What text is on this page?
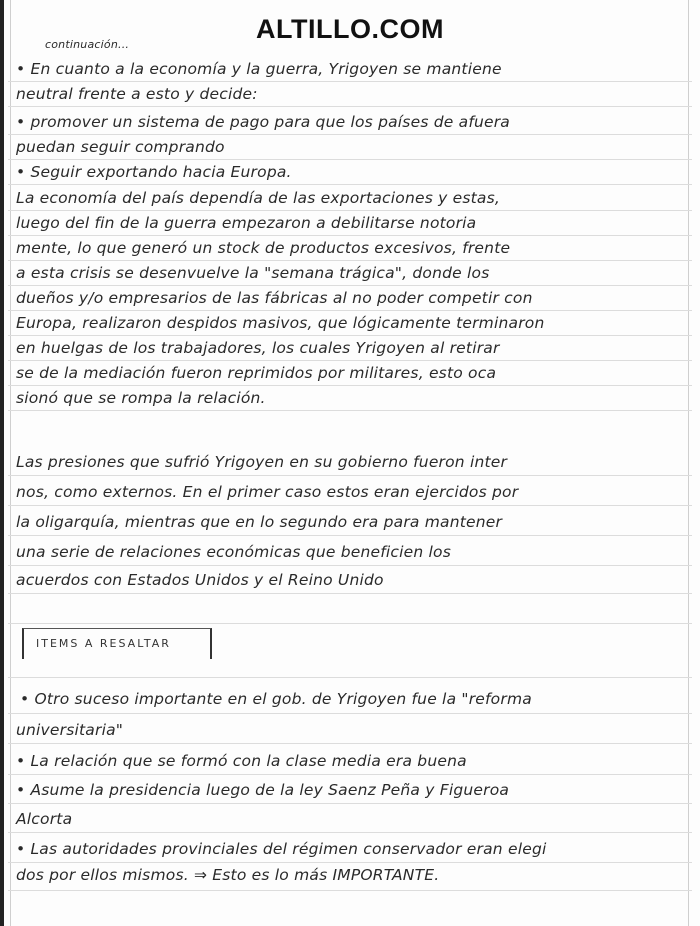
ALTILLO.COM
continuación...
• En cuanto a la economía y la guerra, Yrigoyen se mantiene
neutral frente a esto y decide:
• promover un sistema de pago para que los países de afuera
puedan seguir comprando
• Seguir exportando hacia Europa.
La economía del país dependía de las exportaciones y estas,
luego del fin de la guerra empezaron a debilitarse notoria
mente, lo que generó un stock de productos excesivos, frente
a esta crisis se desenvuelve la "semana trágica", donde los
dueños y/o empresarios de las fábricas al no poder competir con
Europa, realizaron despidos masivos, que lógicamente terminaron
en huelgas de los trabajadores, los cuales Yrigoyen al retirar
se de la mediación fueron reprimidos por militares, esto oca
sionó que se rompa la relación.
Las presiones que sufrió Yrigoyen en su gobierno fueron inter
nos, como externos. En el primer caso estos eran ejercidos por
la oligarquía, mientras que en lo segundo era para mantener
una serie de relaciones económicas que beneficien los
acuerdos con Estados Unidos y el Reino Unido
ITEMS A RESALTAR
• Otro suceso importante en el gob. de Yrigoyen fue la "reforma
universitaria"
• La relación que se formó con la clase media era buena
• Asume la presidencia luego de la ley Saenz Peña y Figueroa
Alcorta
• Las autoridades provinciales del régimen conservador eran elegi
dos por ellos mismos. ⇒ Esto es lo más IMPORTANTE.
